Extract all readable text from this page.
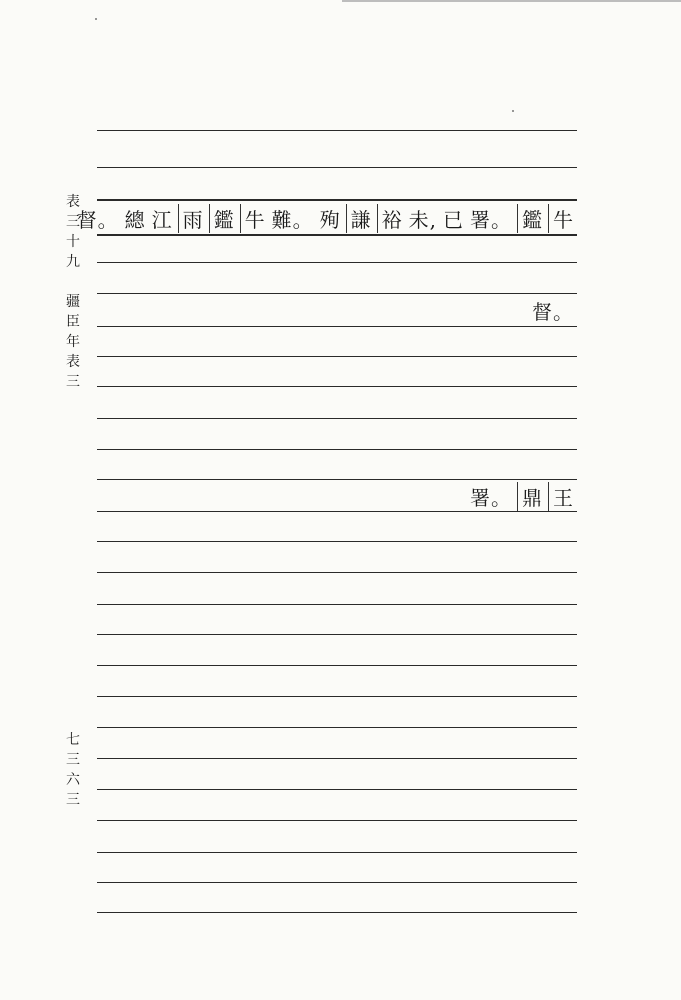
表
三
十
九
疆
臣
年
表
三
七
三
六
三
督。 總 江 雨 鑑 牛 難。 殉 謙 裕 未, 已 署。 鑑 牛
督。
署。 鼎 王
